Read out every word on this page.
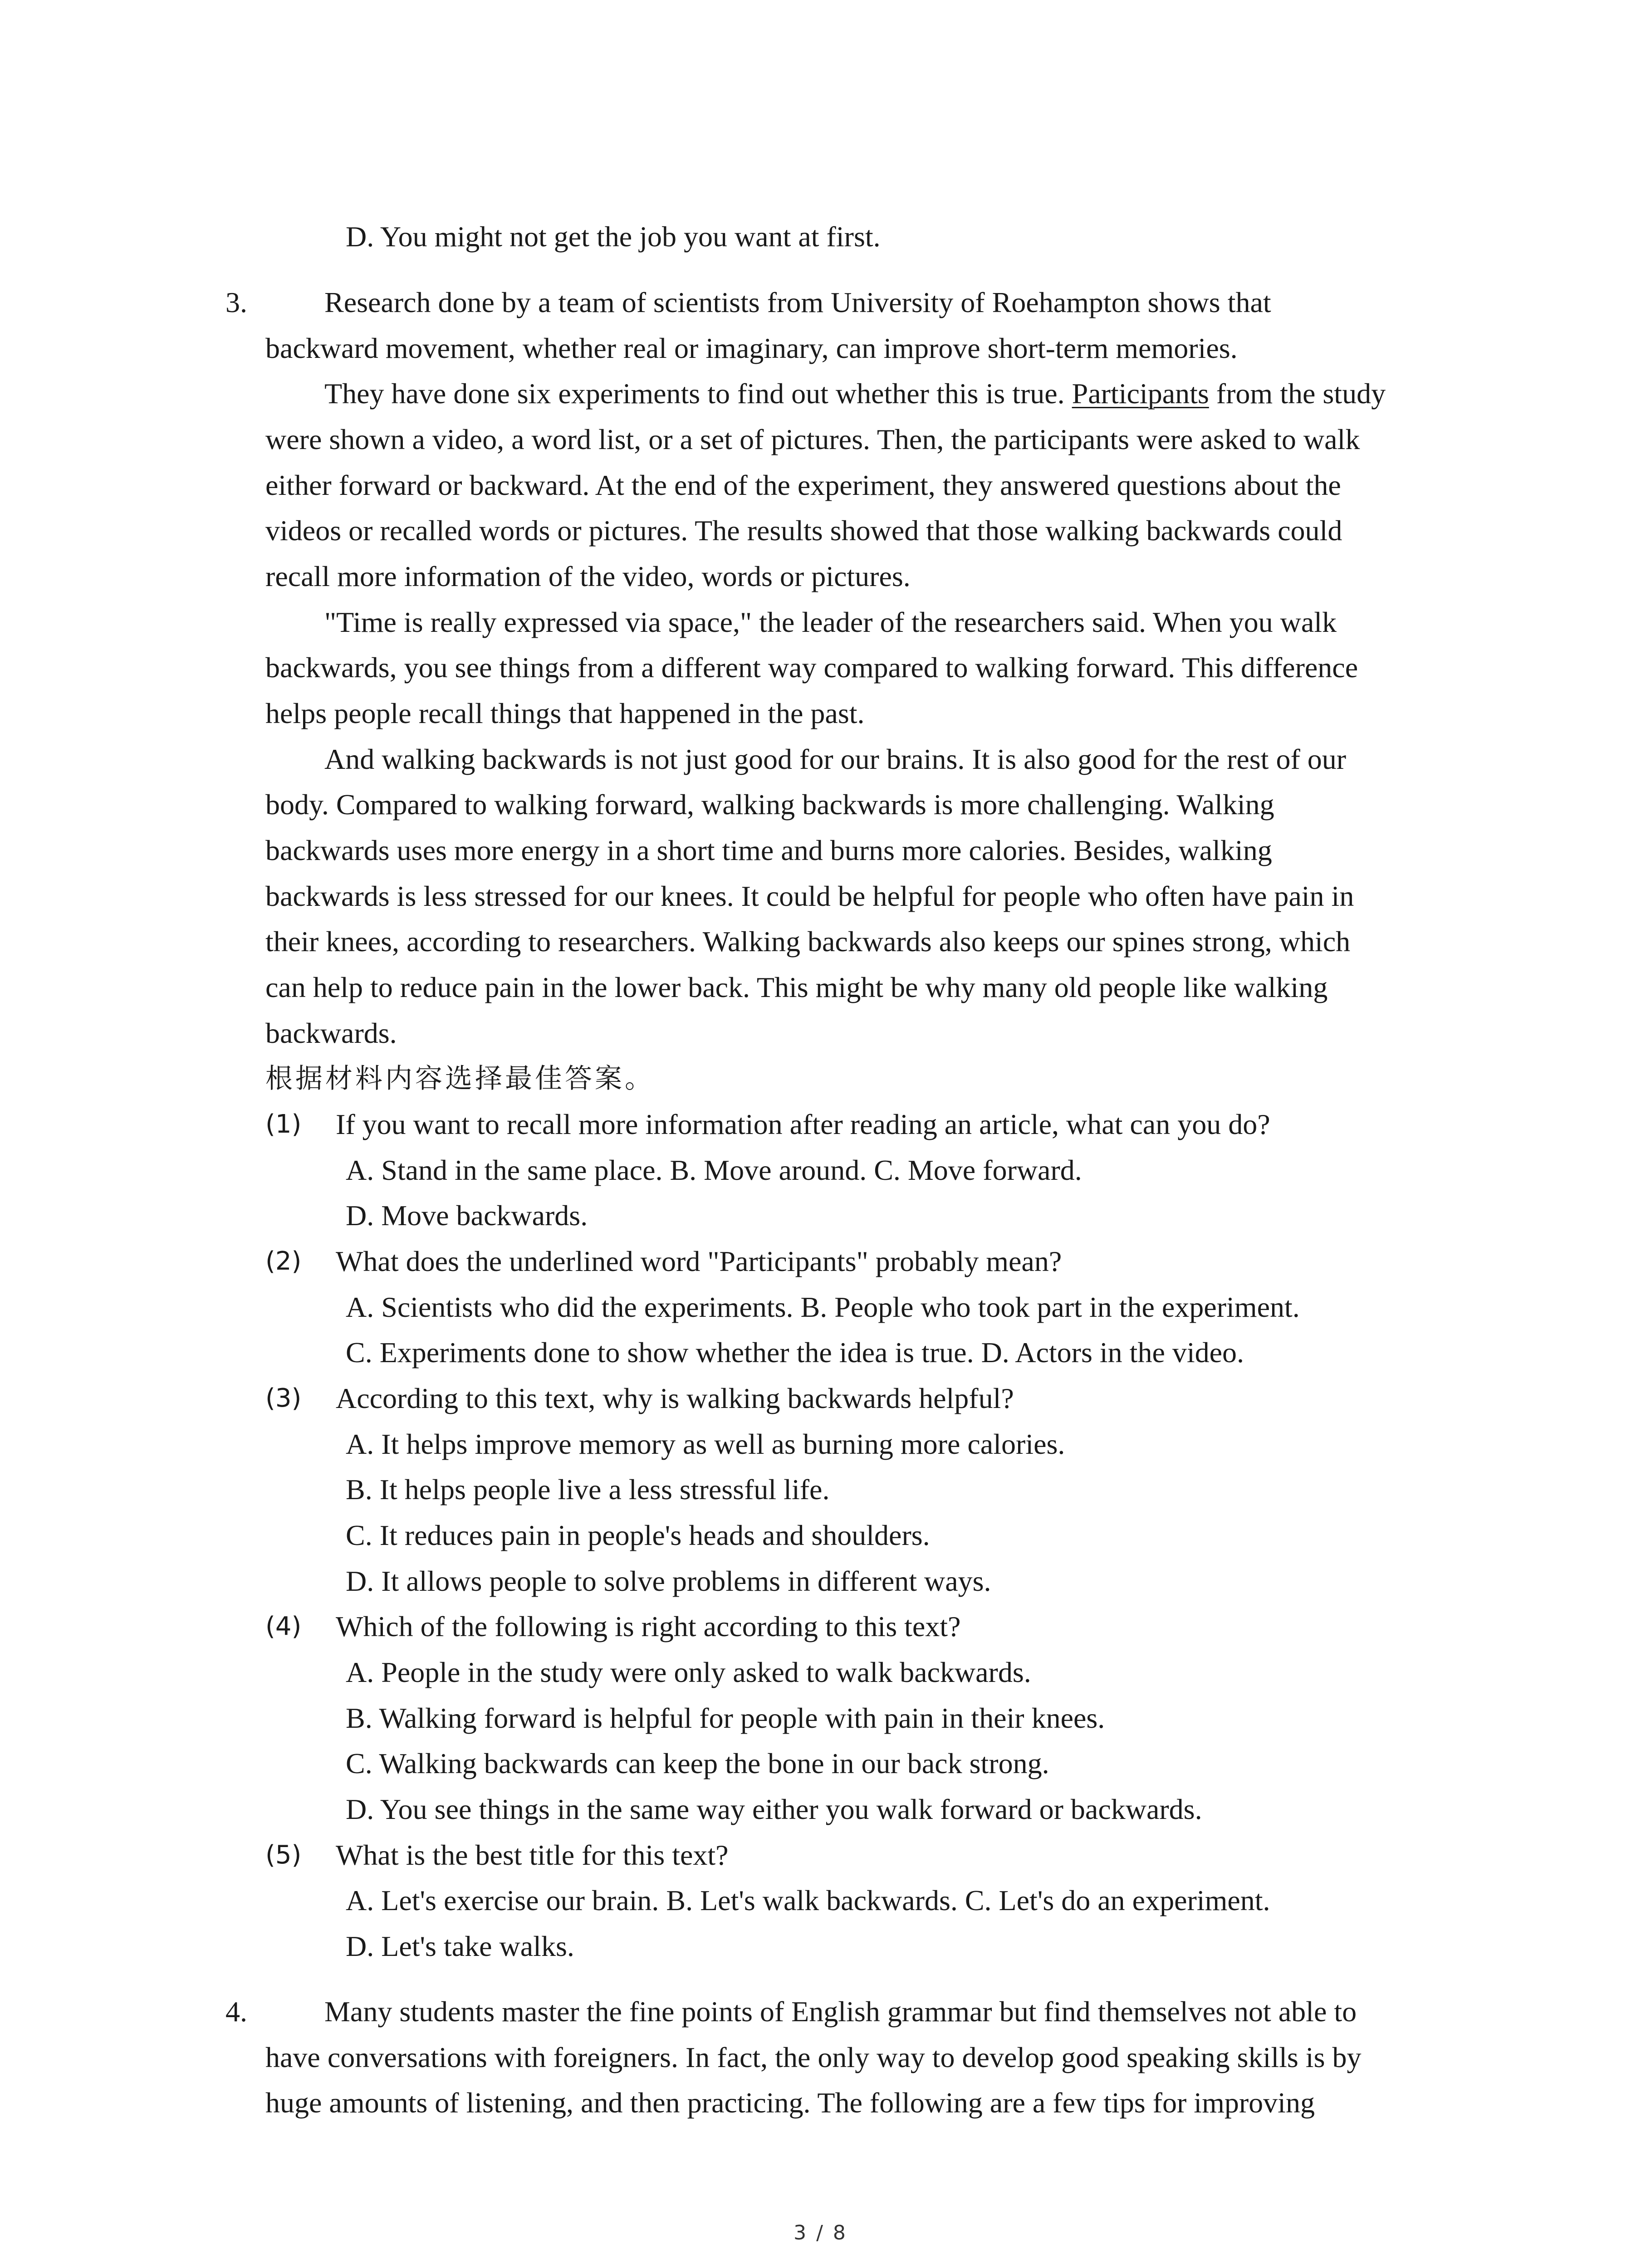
D. You might not get the job you want at first.
3.	Research done by a team of scientists from University of Roehampton shows that
backward movement, whether real or imaginary, can improve short-term memories.
They have done six experiments to find out whether this is true. Participants from the study
were shown a video, a word list, or a set of pictures. Then, the participants were asked to walk
either forward or backward. At the end of the experiment, they answered questions about the
videos or recalled words or pictures. The results showed that those walking backwards could
recall more information of the video, words or pictures.
"Time is really expressed via space," the leader of the researchers said. When you walk
backwards, you see things from a different way compared to walking forward. This difference
helps people recall things that happened in the past.
And walking backwards is not just good for our brains. It is also good for the rest of our
body. Compared to walking forward, walking backwards is more challenging. Walking
backwards uses more energy in a short time and burns more calories. Besides, walking
backwards is less stressed for our knees. It could be helpful for people who often have pain in
their knees, according to researchers. Walking backwards also keeps our spines strong, which
can help to reduce pain in the lower back. This might be why many old people like walking
backwards.
根据材料内容选择最佳答案。
(1) If you want to recall more information after reading an article, what can you do?
A. Stand in the same place. B. Move around. C. Move forward.
D. Move backwards.
(2) What does the underlined word "Participants" probably mean?
A. Scientists who did the experiments. B. People who took part in the experiment.
C. Experiments done to show whether the idea is true. D. Actors in the video.
(3) According to this text, why is walking backwards helpful?
A. It helps improve memory as well as burning more calories.
B. It helps people live a less stressful life.
C. It reduces pain in people's heads and shoulders.
D. It allows people to solve problems in different ways.
(4) Which of the following is right according to this text?
A. People in the study were only asked to walk backwards.
B. Walking forward is helpful for people with pain in their knees.
C. Walking backwards can keep the bone in our back strong.
D. You see things in the same way either you walk forward or backwards.
(5) What is the best title for this text?
A. Let's exercise our brain. B. Let's walk backwards. C. Let's do an experiment.
D. Let's take walks.
4.	Many students master the fine points of English grammar but find themselves not able to
have conversations with foreigners. In fact, the only way to develop good speaking skills is by
huge amounts of listening, and then practicing. The following are a few tips for improving
3 / 8
